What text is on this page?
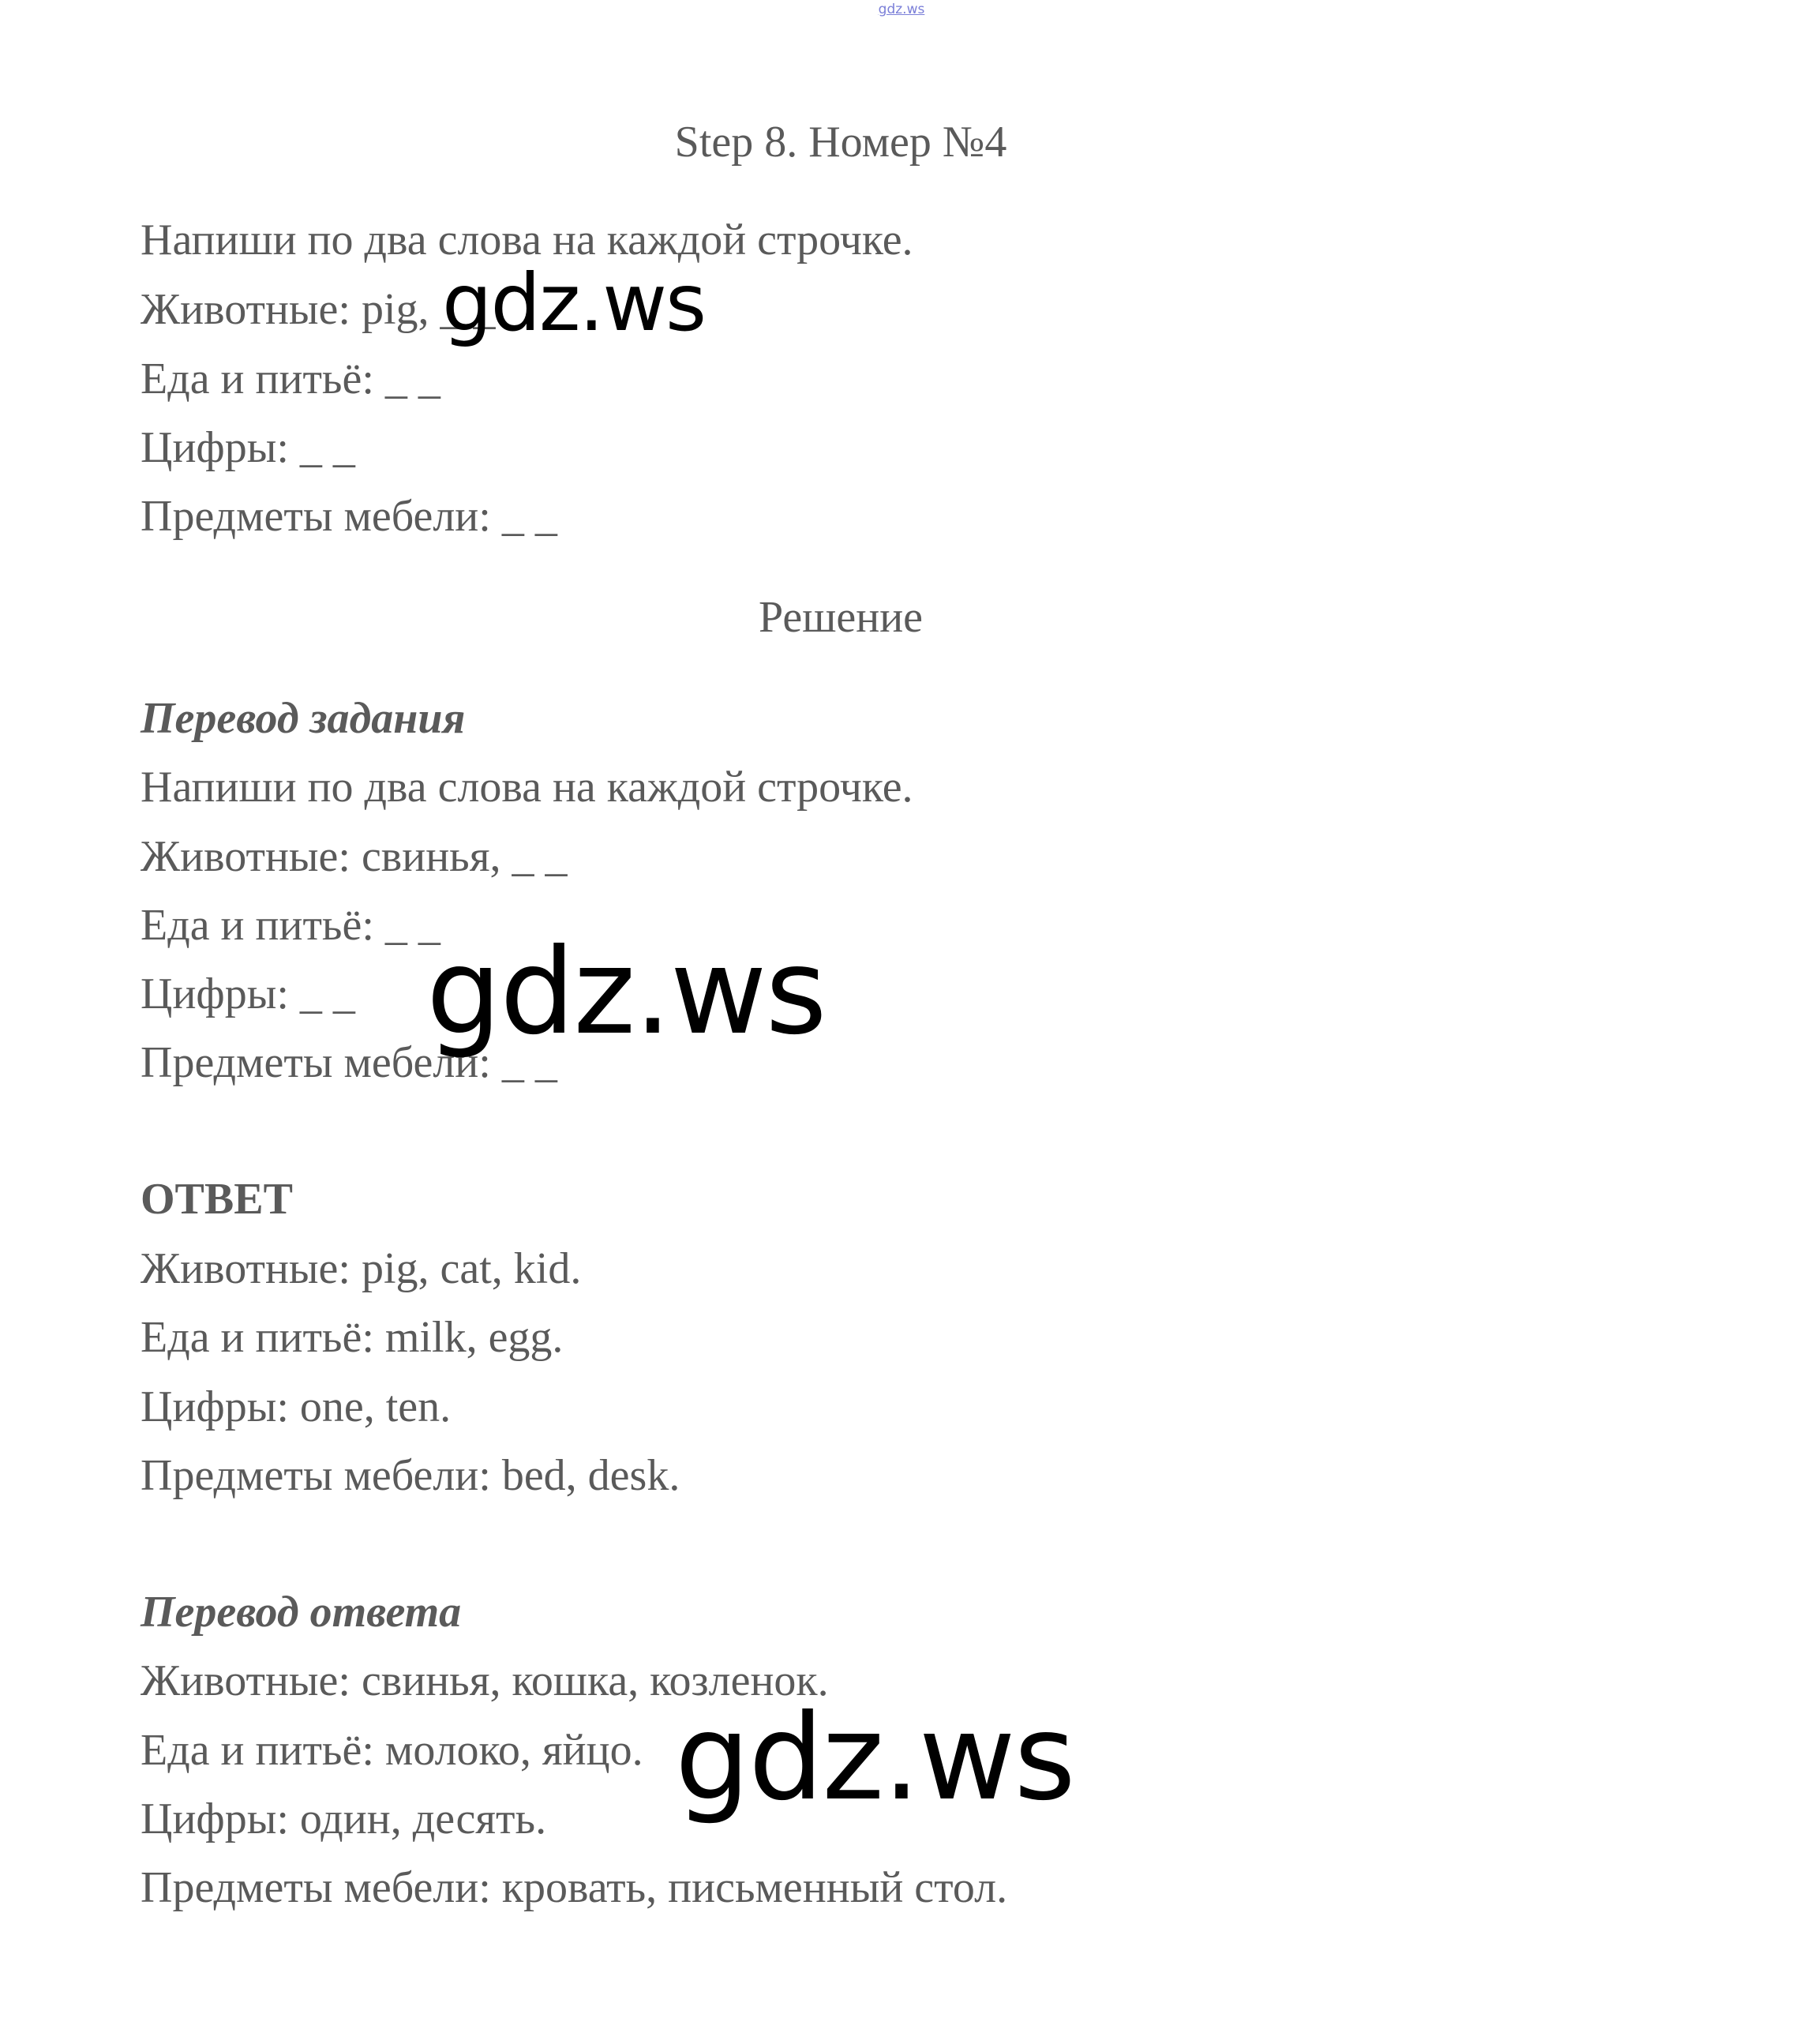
gdz.ws
Step 8. Номер №4
Напиши по два слова на каждой строчке.
Животные: pig, _ _
Еда и питьё: _ _
Цифры: _ _
Предметы мебели: _ _
Решение
Перевод задания
Напиши по два слова на каждой строчке.
Животные: свинья, _ _
Еда и питьё: _ _
Цифры: _ _
Предметы мебели: _ _
ОТВЕТ
Животные: pig, cat, kid.
Еда и питьё: milk, egg.
Цифры: one, ten.
Предметы мебели: bed, desk.
Перевод ответа
Животные: свинья, кошка, козленок.
Еда и питьё: молоко, яйцо.
Цифры: один, десять.
Предметы мебели: кровать, письменный стол.
gdz.ws
gdz.ws
gdz.ws
